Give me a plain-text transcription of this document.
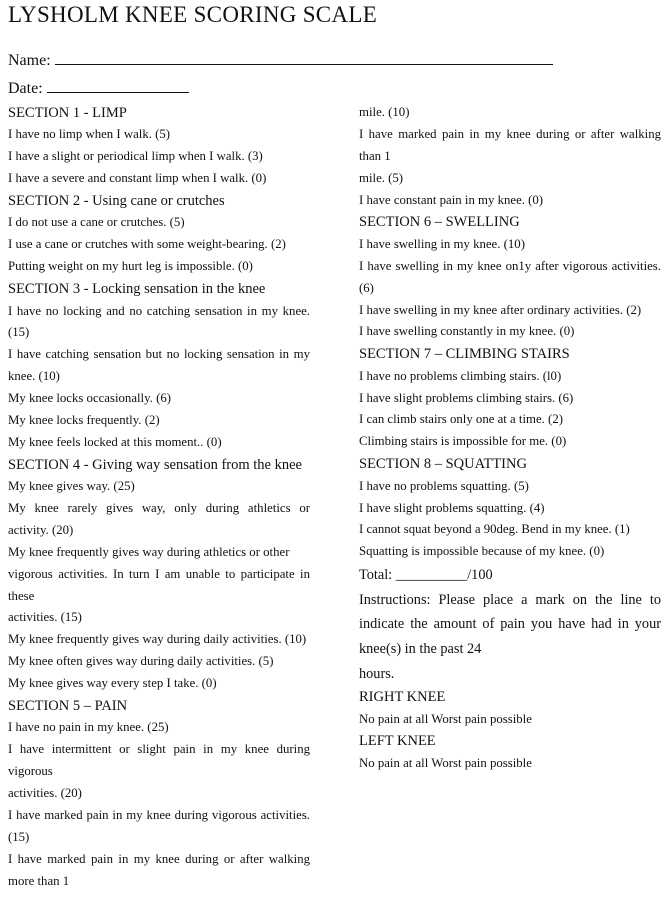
LYSHOLM KNEE SCORING SCALE
Name:
Date:
SECTION 1 - LIMP
I have no limp when I walk. (5)
I have a slight or periodical limp when I walk. (3)
I have a severe and constant limp when I walk. (0)
SECTION 2 - Using cane or crutches
I do not use a cane or crutches. (5)
I use a cane or crutches with some weight-bearing. (2)
Putting weight on my hurt leg is impossible. (0)
SECTION 3 - Locking sensation in the knee
I have no locking and no catching sensation in my knee.
(15)
I have catching sensation but no locking sensation in my
knee. (10)
My knee locks occasionally. (6)
My knee locks frequently. (2)
My knee feels locked at this moment.. (0)
SECTION 4 - Giving way sensation from the knee
My knee gives way. (25)
My knee rarely gives way, only during athletics or
activity. (20)
My knee frequently gives way during athletics or other
vigorous activities. In turn I am unable to participate in
these
activities. (15)
My knee frequently gives way during daily activities. (10)
My knee often gives way during daily activities. (5)
My knee gives way every step I take. (0)
SECTION 5 – PAIN
I have no pain in my knee. (25)
I have intermittent or slight pain in my knee during
vigorous
activities. (20)
I have marked pain in my knee during vigorous activities.
(15)
I have marked pain in my knee during or after walking
more than 1
mile. (10)
I have marked pain in my knee during or after walking
than 1
mile. (5)
I have constant pain in my knee. (0)
SECTION 6 – SWELLING
I have swelling in my knee. (10)
I have swelling in my knee on1y after vigorous activities.
(6)
I have swelling in my knee after ordinary activities. (2)
I have swelling constantly in my knee. (0)
SECTION 7 – CLIMBING STAIRS
I have no problems climbing stairs. (l0)
I have slight problems climbing stairs. (6)
I can climb stairs only one at a time. (2)
Climbing stairs is impossible for me. (0)
SECTION 8 – SQUATTING
I have no problems squatting. (5)
I have slight problems squatting. (4)
I cannot squat beyond a 90deg. Bend in my knee. (1)
Squatting is impossible because of my knee. (0)
Total: __________/100
Instructions: Please place a mark on the line to
indicate the amount of pain you have had in your
knee(s) in the past 24
hours.
RIGHT KNEE
No pain at all Worst pain possible
LEFT KNEE
No pain at all Worst pain possible
